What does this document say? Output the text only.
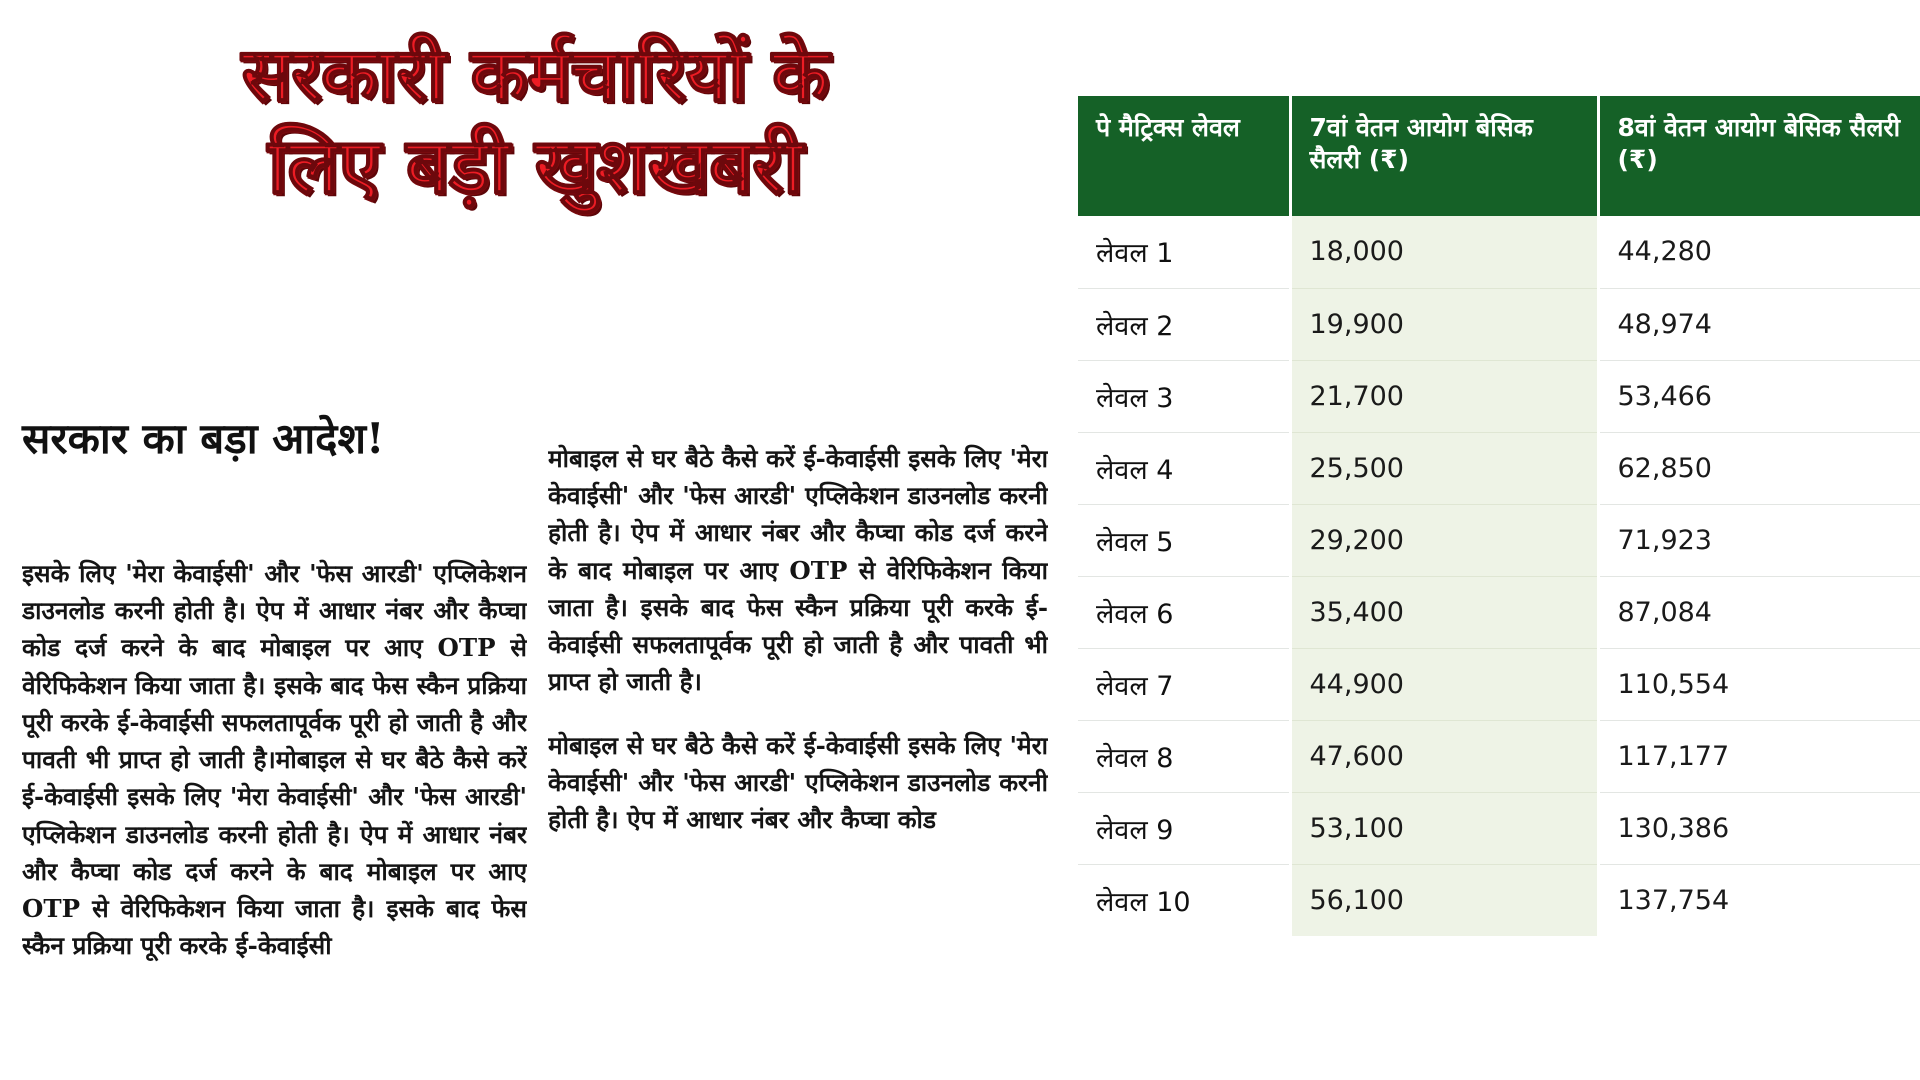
सरकारी कर्मचारियों के
लिए बड़ी खुशखबरी
सरकार का बड़ा आदेश!

इसके लिए 'मेरा केवाईसी' और 'फेस आरडी' एप्लिकेशन डाउनलोड करनी होती है। ऐप में आधार नंबर और कैप्चा कोड दर्ज करने के बाद मोबाइल पर आए OTP से वेरिफिकेशन किया जाता है। इसके बाद फेस स्कैन प्रक्रिया पूरी करके ई-केवाईसी सफलतापूर्वक पूरी हो जाती है और पावती भी प्राप्त हो जाती है।मोबाइल से घर बैठे कैसे करें ई-केवाईसी इसके लिए 'मेरा केवाईसी' और 'फेस आरडी' एप्लिकेशन डाउनलोड करनी होती है। ऐप में आधार नंबर और कैप्चा कोड दर्ज करने के बाद मोबाइल पर आए OTP से वेरिफिकेशन किया जाता है। इसके बाद फेस स्कैन प्रक्रिया पूरी करके ई-केवाईसी

मोबाइल से घर बैठे कैसे करें ई-केवाईसी इसके लिए 'मेरा केवाईसी' और 'फेस आरडी' एप्लिकेशन डाउनलोड करनी होती है। ऐप में आधार नंबर और कैप्चा कोड दर्ज करने के बाद मोबाइल पर आए OTP से वेरिफिकेशन किया जाता है। इसके बाद फेस स्कैन प्रक्रिया पूरी करके ई-केवाईसी सफलतापूर्वक पूरी हो जाती है और पावती भी प्राप्त हो जाती है।

मोबाइल से घर बैठे कैसे करें ई-केवाईसी इसके लिए 'मेरा केवाईसी' और 'फेस आरडी' एप्लिकेशन डाउनलोड करनी होती है। ऐप में आधार नंबर और कैप्चा कोड

पे मैट्रिक्स लेवल	7वां वेतन आयोग बेसिक सैलरी (₹)	8वां वेतन आयोग बेसिक सैलरी (₹)
लेवल 1	18,000	44,280
लेवल 2	19,900	48,974
लेवल 3	21,700	53,466
लेवल 4	25,500	62,850
लेवल 5	29,200	71,923
लेवल 6	35,400	87,084
लेवल 7	44,900	110,554
लेवल 8	47,600	117,177
लेवल 9	53,100	130,386
लेवल 10	56,100	137,754
